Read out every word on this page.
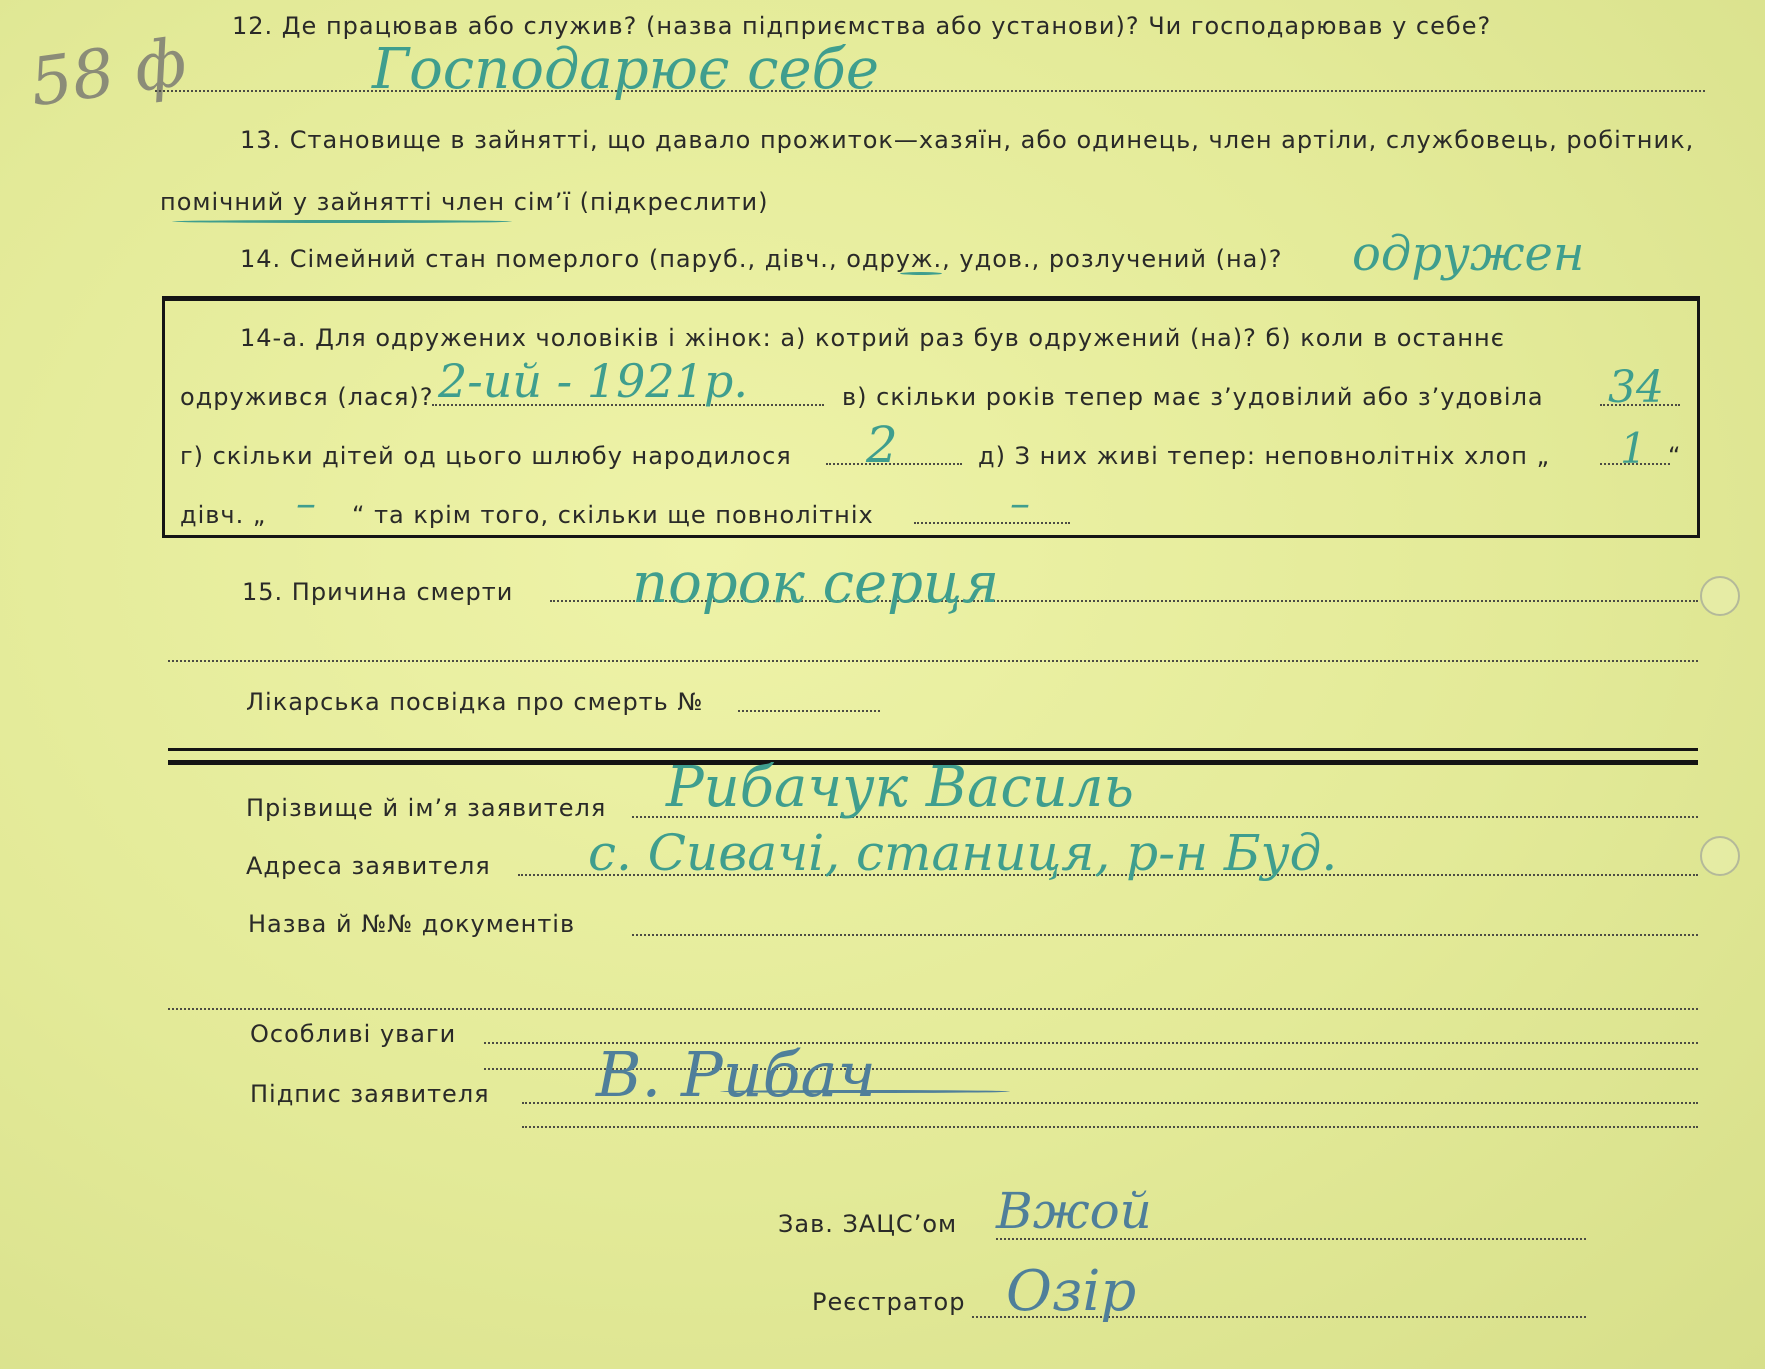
58 ф 12. Де працював або служив? (назва підприємства або установи)? Чи господарював у себе?
Господарює себе
13. Становище в зайнятті, що давало прожиток—хазяїн, або одинець, член артіли, службовець, робітник,
помічний у зайнятті член сім’ї (підкреслити)
14. Сімейний стан померлого (паруб., дівч., одруж., удов., розлучений (на)? одружен
14-а. Для одружених чоловіків і жінок: а) котрий раз був одружений (на)? б) коли в останнє
одружився (лася)? 2-ий - 1921р.	в) скільки років тепер має з’удовілий або з’удовіла 34
г) скільки дітей од цього шлюбу народилося 2	д) З них живі тепер: неповнолітніх хлоп „ 1 “
дівч. „ – “ та крім того, скільки ще повнолітніх	–
15. Причина смерти порок серця
Лікарська посвідка про смерть №
Прізвище й ім’я заявителя Рибачук Василь
Адреса заявителя с. Сивачі, станиця, р-н Буд.
Назва й №№ документів
Особливі уваги
Підпис заявителя В. Рибач
Зав. ЗАЦС’ом Вжой
Реєстратор Озір
